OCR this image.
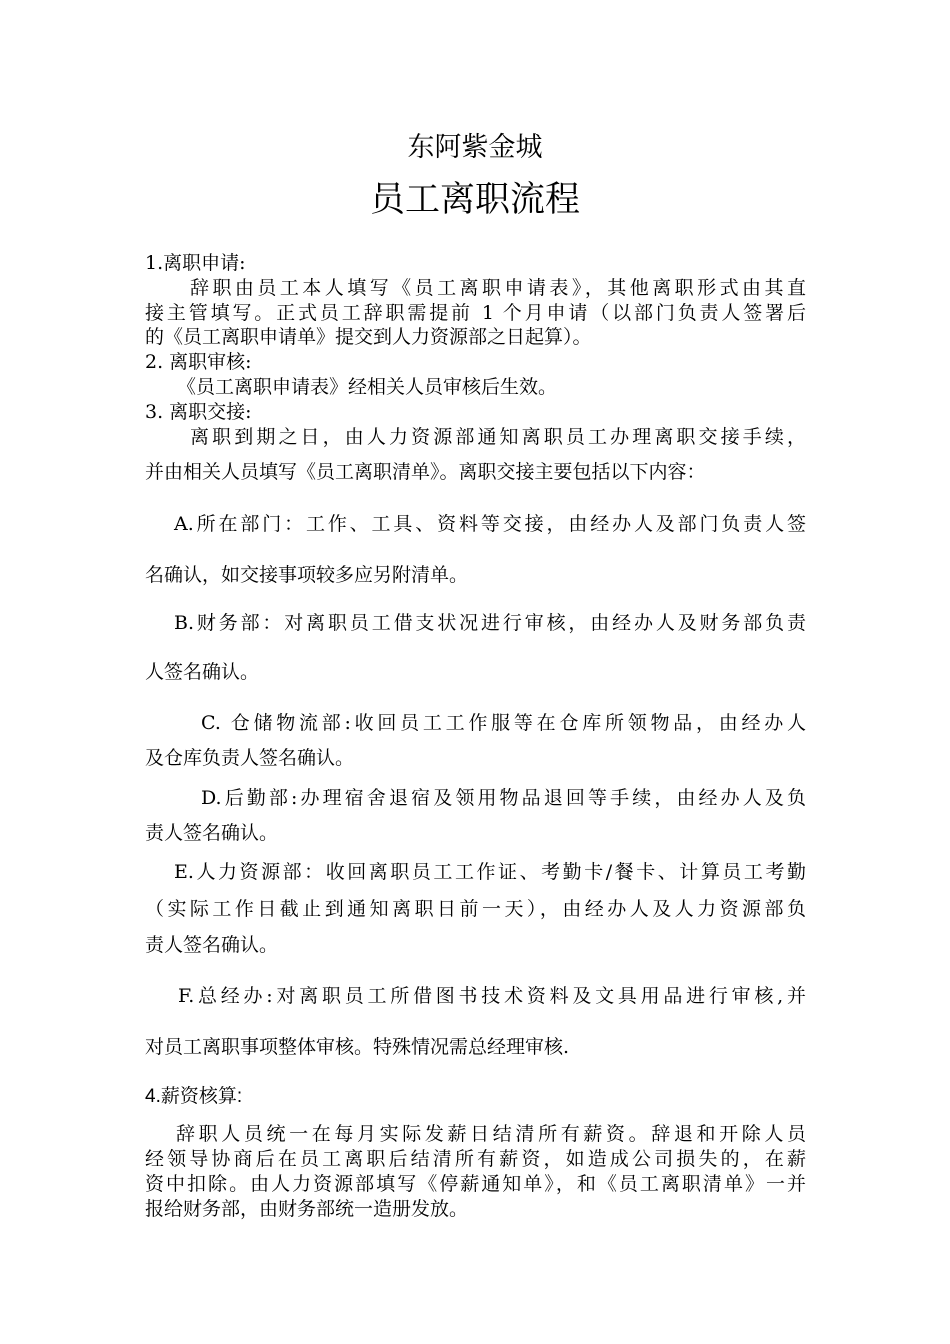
东阿紫金城
员工离职流程
1.离职申请:
辞职由员工本人填写《员工离职申请表》，其他离职形式由其直
接主管填写。正式员工辞职需提前 1 个月申请（以部门负责人签署后
的《员工离职申请单》提交到人力资源部之日起算）。
2. 离职审核:
《员工离职申请表》经相关人员审核后生效。
3. 离职交接:
离职到期之日，由人力资源部通知离职员工办理离职交接手续，
并由相关人员填写《员工离职清单》。离职交接主要包括以下内容：
A.所在部门：工作、工具、资料等交接，由经办人及部门负责人签
名确认，如交接事项较多应另附清单。
B.财务部：对离职员工借支状况进行审核，由经办人及财务部负责
人签名确认。
C. 仓储物流部:收回员工工作服等在仓库所领物品，由经办人
及仓库负责人签名确认。
D.后勤部:办理宿舍退宿及领用物品退回等手续，由经办人及负
责人签名确认。
E.人力资源部：收回离职员工工作证、考勤卡/餐卡、计算员工考勤
（实际工作日截止到通知离职日前一天），由经办人及人力资源部负
责人签名确认。
F.总经办:对离职员工所借图书技术资料及文具用品进行审核,并
对员工离职事项整体审核。特殊情况需总经理审核.
4.薪资核算:
辞职人员统一在每月实际发薪日结清所有薪资。辞退和开除人员
经领导协商后在员工离职后结清所有薪资，如造成公司损失的，在薪
资中扣除。由人力资源部填写《停薪通知单》，和《员工离职清单》一并
报给财务部，由财务部统一造册发放。
